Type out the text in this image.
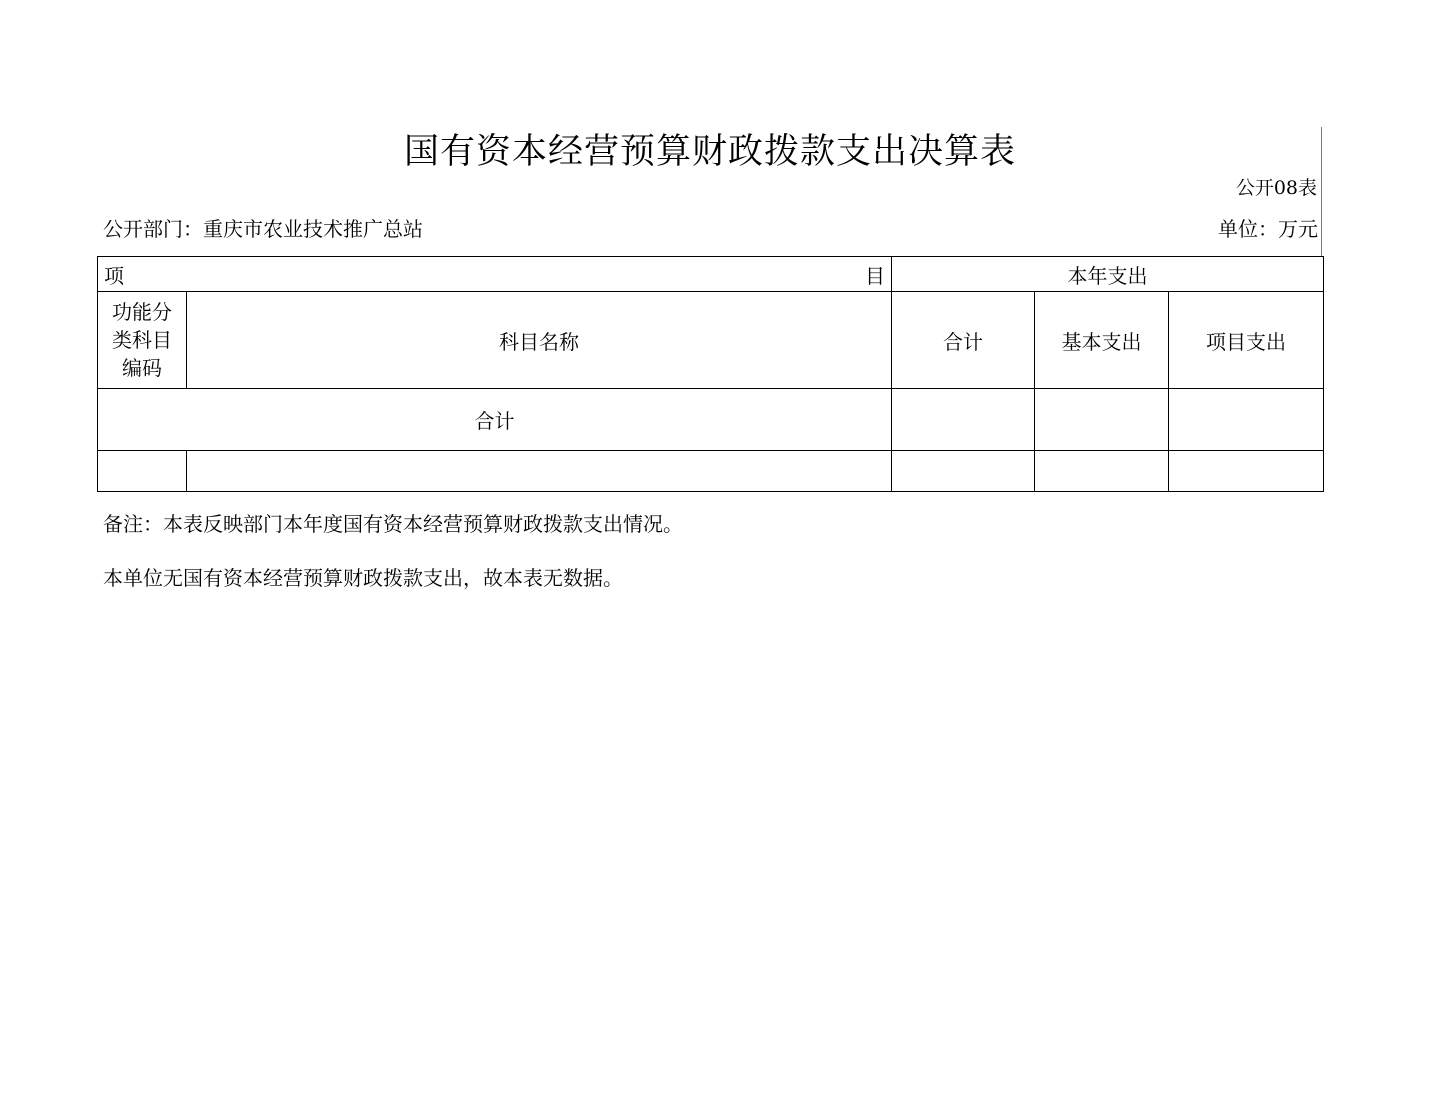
国有资本经营预算财政拨款支出决算表
公开08表
公开部门：重庆市农业技术推广总站	单位：万元
项 目		本年支出		

功能分
类科目
编码	科目名称	合计	基本支出	项目支出
合计				

备注：本表反映部门本年度国有资本经营预算财政拨款支出情况。
本单位无国有资本经营预算财政拨款支出，故本表无数据。
